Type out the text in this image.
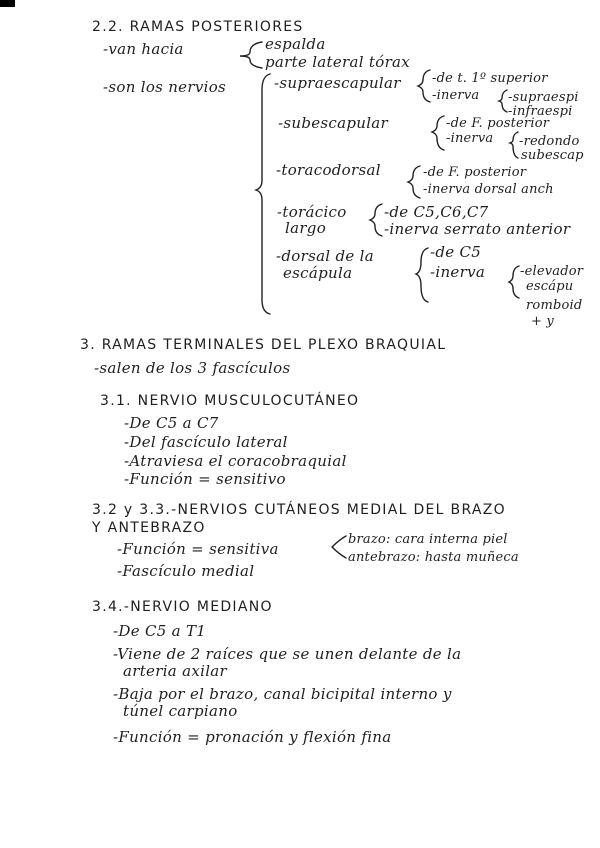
2.2. RAMAS POSTERIORES
-van hacia	espalda
parte lateral tórax
-son los nervios	-supraescapular -de t. 1º superior
-inerva -supraespi
-infraespi
-subescapular	-de F. posterior
-inerva -redondo
subescap
-toracodorsal	-de F. posterior
-inerva dorsal anch
-torácico
largo
-de C5,C6,C7
-inerva serrato anterior
-dorsal de la
escápula
-de C5
-inerva	-elevador
escápu
romboid
+ y
3. RAMAS TERMINALES DEL PLEXO BRAQUIAL
-salen de los 3 fascículos
3.1. NERVIO MUSCULOCUTÁNEO
-De C5 a C7
-Del fascículo lateral
-Atraviesa el coracobraquial
-Función = sensitivo
3.2 y 3.3.-NERVIOS CUTÁNEOS MEDIAL DEL BRAZO
Y ANTEBRAZO
-Función = sensitiva
brazo: cara interna piel
antebrazo: hasta muñeca
-Fascículo medial
3.4.-NERVIO MEDIANO
-De C5 a T1
-Viene de 2 raíces que se unen delante de la
arteria axilar
-Baja por el brazo, canal bicipital interno y
túnel carpiano
-Función = pronación y flexión fina
